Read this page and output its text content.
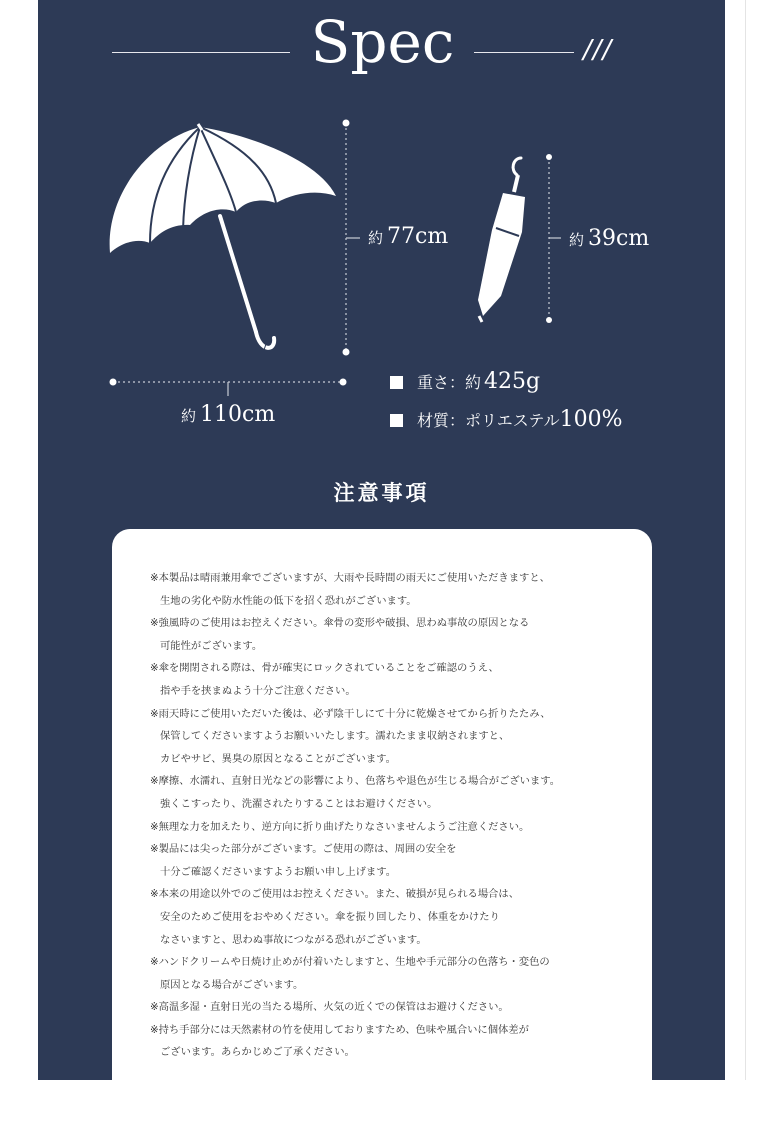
Spec	///
約 77cm	約 39cm
約 110cm
重さ：約 425g
材質：ポリエステル100%
注意事項
※本製品は晴雨兼用傘でございますが、大雨や長時間の雨天にご使用いただきますと、
生地の劣化や防水性能の低下を招く恐れがございます。
※強風時のご使用はお控えください。傘骨の変形や破損、思わぬ事故の原因となる
可能性がございます。
※傘を開閉される際は、骨が確実にロックされていることをご確認のうえ、
指や手を挟まぬよう十分ご注意ください。
※雨天時にご使用いただいた後は、必ず陰干しにて十分に乾燥させてから折りたたみ、
保管してくださいますようお願いいたします。濡れたまま収納されますと、
カビやサビ、異臭の原因となることがございます。
※摩擦、水濡れ、直射日光などの影響により、色落ちや退色が生じる場合がございます。
強くこすったり、洗濯されたりすることはお避けください。
※無理な力を加えたり、逆方向に折り曲げたりなさいませんようご注意ください。
※製品には尖った部分がございます。ご使用の際は、周囲の安全を
十分ご確認くださいますようお願い申し上げます。
※本来の用途以外でのご使用はお控えください。また、破損が見られる場合は、
安全のためご使用をおやめください。傘を振り回したり、体重をかけたり
なさいますと、思わぬ事故につながる恐れがございます。
※ハンドクリームや日焼け止めが付着いたしますと、生地や手元部分の色落ち・変色の
原因となる場合がございます。
※高温多湿・直射日光の当たる場所、火気の近くでの保管はお避けください。
※持ち手部分には天然素材の竹を使用しておりますため、色味や風合いに個体差が
ございます。あらかじめご了承ください。
